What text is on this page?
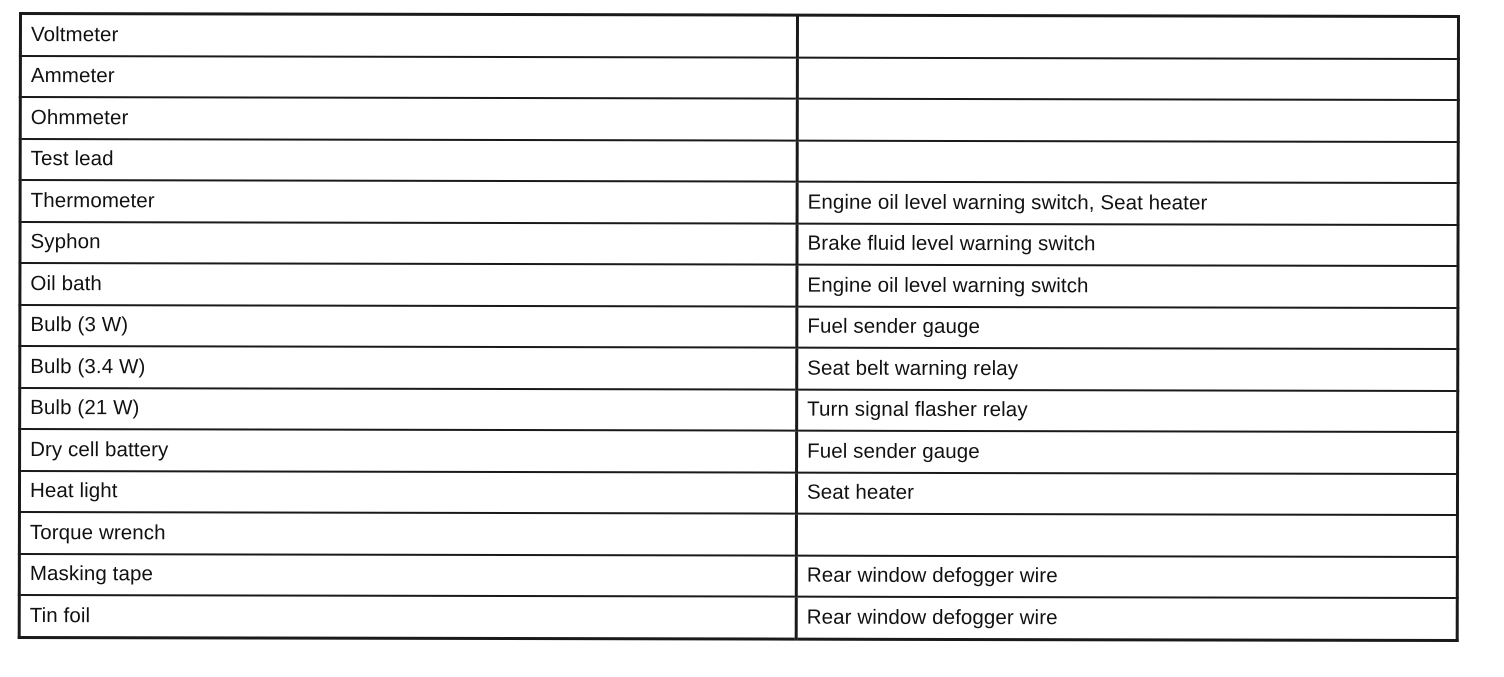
Voltmeter	
Ammeter	
Ohmmeter	
Test lead	
Thermometer	Engine oil level warning switch, Seat heater
Syphon	Brake fluid level warning switch
Oil bath	Engine oil level warning switch
Bulb (3 W)	Fuel sender gauge
Bulb (3.4 W)	Seat belt warning relay
Bulb (21 W)	Turn signal flasher relay
Dry cell battery	Fuel sender gauge
Heat light	Seat heater
Torque wrench	
Masking tape	Rear window defogger wire
Tin foil	Rear window defogger wire
